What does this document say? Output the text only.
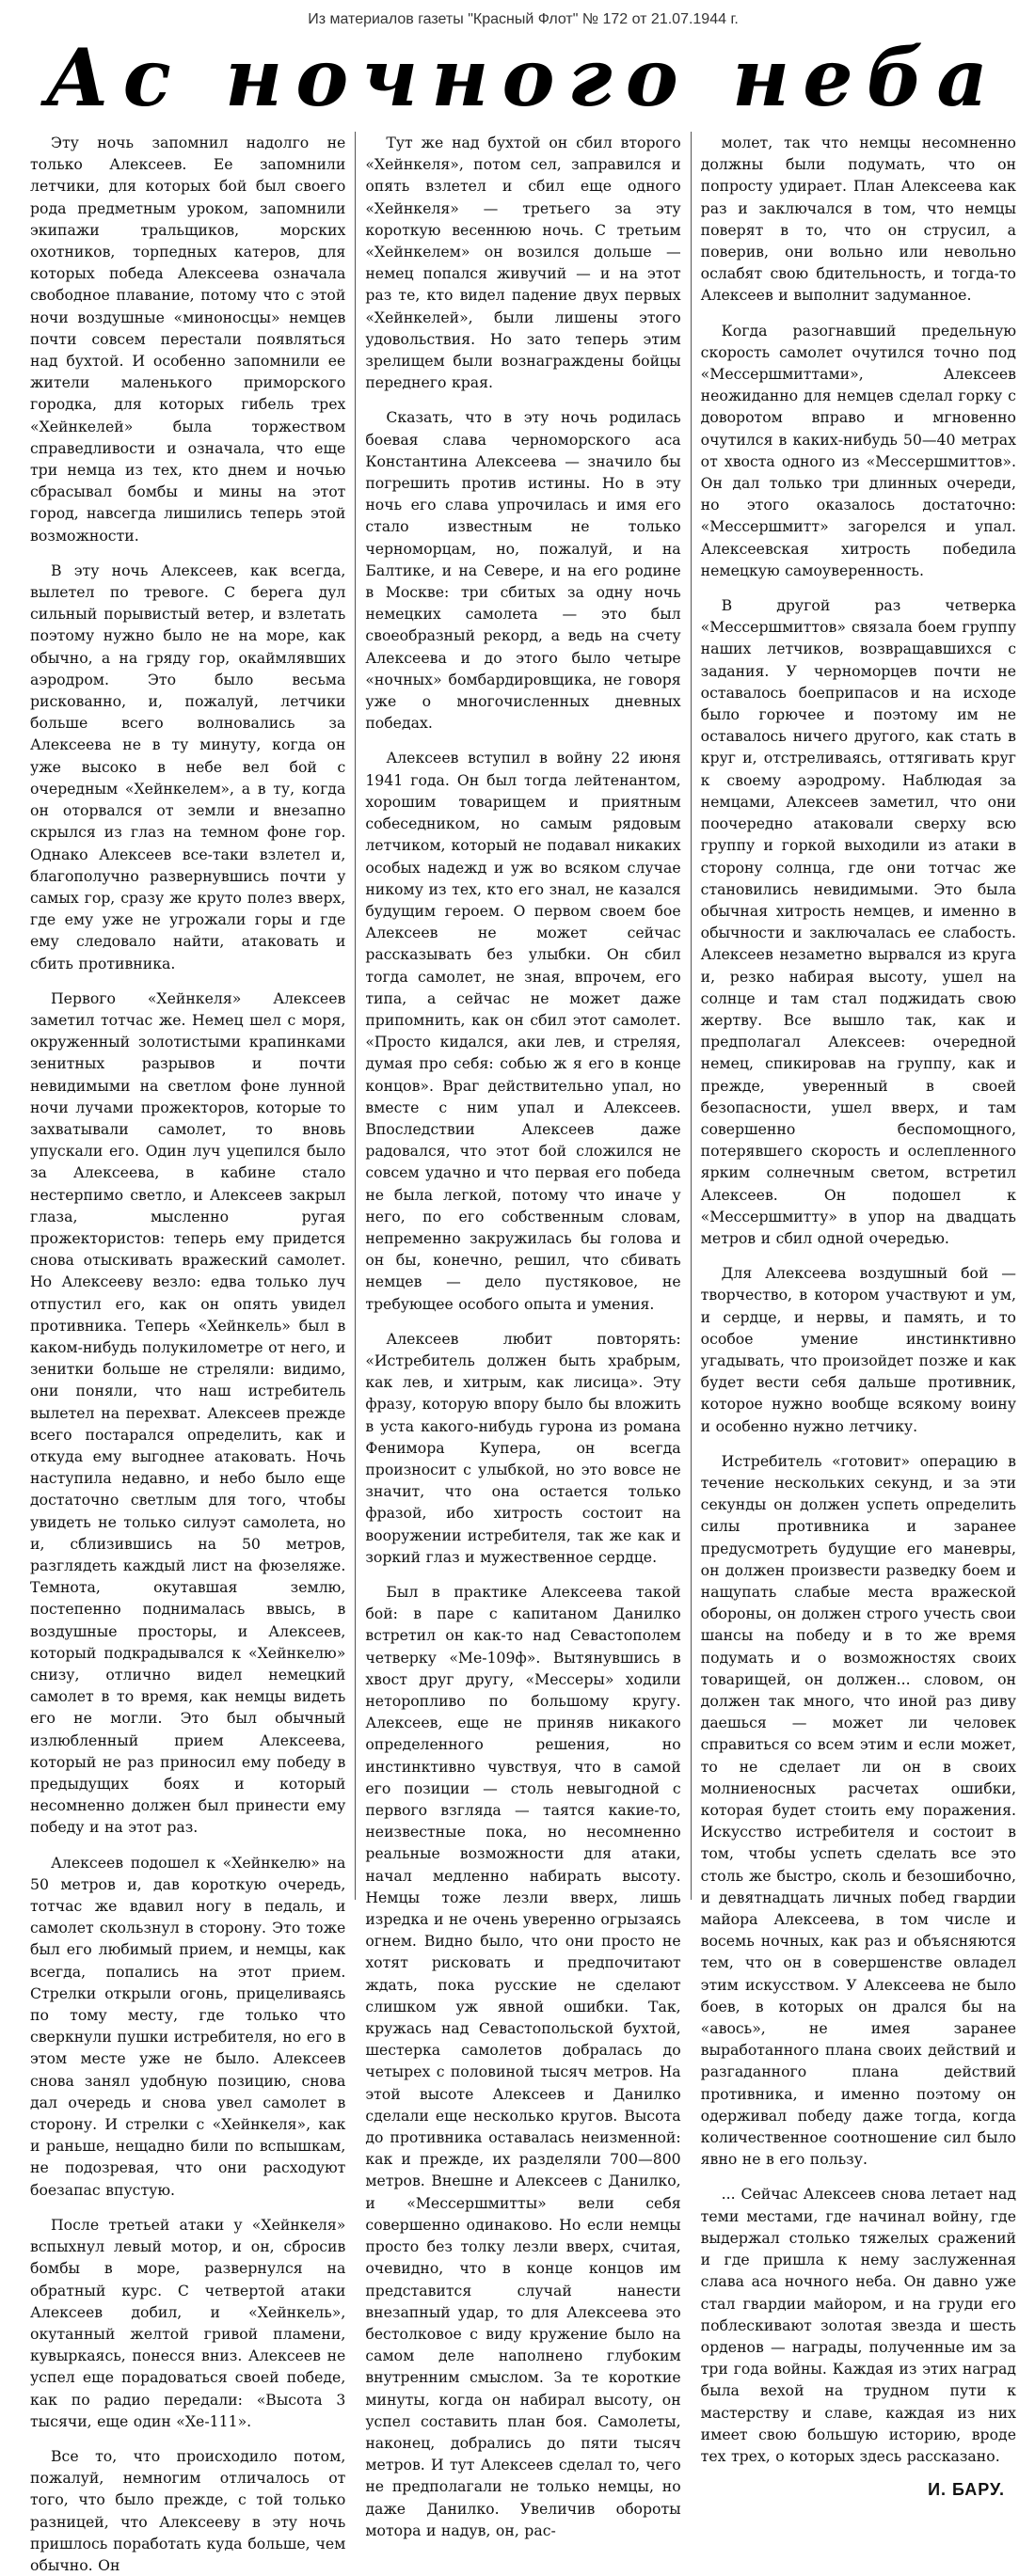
Из материалов газеты "Красный Флот" № 172 от 21.07.1944 г.
Ас ночного неба

Эту ночь запомнил надолго не только Алексеев. Ее запомнили летчики, для которых бой был своего рода предметным уроком, запомнили экипажи тральщиков, морских охотников, торпедных катеров, для которых победа Алексеева означала свободное плавание, потому что с этой ночи воздушные «миноносцы» немцев почти совсем перестали появляться над бухтой. И особенно запомнили ее жители маленького приморского городка, для которых гибель трех «Хейнкелей» была торжеством справедливости и означала, что еще три немца из тех, кто днем и ночью сбрасывал бомбы и мины на этот город, навсегда лишились теперь этой возможности.

В эту ночь Алексеев, как всегда, вылетел по тревоге. С берега дул сильный порывистый ветер, и взлетать поэтому нужно было не на море, как обычно, а на гряду гор, окаймлявших аэродром. Это было весьма рискованно, и, пожалуй, летчики больше всего волновались за Алексеева не в ту минуту, когда он уже высоко в небе вел бой с очередным «Хейнкелем», а в ту, когда он оторвался от земли и внезапно скрылся из глаз на темном фоне гор. Однако Алексеев все-таки взлетел и, благополучно развернувшись почти у самых гор, сразу же круто полез вверх, где ему уже не угрожали горы и где ему следовало найти, атаковать и сбить противника.

Первого «Хейнкеля» Алексеев заметил тотчас же. Немец шел с моря, окруженный золотистыми крапинками зенитных разрывов и почти невидимыми на светлом фоне лунной ночи лучами прожекторов, которые то захватывали самолет, то вновь упускали его. Один луч уцепился было за Алексеева, в кабине стало нестерпимо светло, и Алексеев закрыл глаза, мысленно ругая прожектористов: теперь ему придется снова отыскивать вражеский самолет. Но Алексееву везло: едва только луч отпустил его, как он опять увидел противника. Теперь «Хейнкель» был в каком-нибудь полукилометре от него, и зенитки больше не стреляли: видимо, они поняли, что наш истребитель вылетел на перехват. Алексеев прежде всего постарался определить, как и откуда ему выгоднее атаковать. Ночь наступила недавно, и небо было еще достаточно светлым для того, чтобы увидеть не только силуэт самолета, но и, сблизившись на 50 метров, разглядеть каждый лист на фюзеляже. Темнота, окутавшая землю, постепенно поднималась ввысь, в воздушные просторы, и Алексеев, который подкрадывался к «Хейнкелю» снизу, отлично видел немецкий самолет в то время, как немцы видеть его не могли. Это был обычный излюбленный прием Алексеева, который не раз приносил ему победу в предыдущих боях и который несомненно должен был принести ему победу и на этот раз.

Алексеев подошел к «Хейнкелю» на 50 метров и, дав короткую очередь, тотчас же вдавил ногу в педаль, и самолет скользнул в сторону. Это тоже был его любимый прием, и немцы, как всегда, попались на этот прием. Стрелки открыли огонь, прицеливаясь по тому месту, где только что сверкнули пушки истребителя, но его в этом месте уже не было. Алексеев снова занял удобную позицию, снова дал очередь и снова увел самолет в сторону. И стрелки с «Хейнкеля», как и раньше, нещадно били по вспышкам, не подозревая, что они расходуют боезапас впустую.

После третьей атаки у «Хейнкеля» вспыхнул левый мотор, и он, сбросив бомбы в море, развернулся на обратный курс. С четвертой атаки Алексеев добил, и «Хейнкель», окутанный желтой гривой пламени, кувыркаясь, понесся вниз. Алексеев не успел еще порадоваться своей победе, как по радио передали: «Высота 3 тысячи, еще один «Хе-111».

Все то, что происходило потом, пожалуй, немногим отличалось от того, что было прежде, с той только разницей, что Алексееву в эту ночь пришлось поработать куда больше, чем обычно. Он

Тут же над бухтой он сбил второго «Хейнкеля», потом сел, заправился и опять взлетел и сбил еще одного «Хейнкеля» — третьего за эту короткую весеннюю ночь. С третьим «Хейнкелем» он возился дольше — немец попался живучий — и на этот раз те, кто видел падение двух первых «Хейнкелей», были лишены этого удовольствия. Но зато теперь этим зрелищем были вознаграждены бойцы переднего края.

Сказать, что в эту ночь родилась боевая слава черноморского аса Константина Алексеева — значило бы погрешить против истины. Но в эту ночь его слава упрочилась и имя его стало известным не только черноморцам, но, пожалуй, и на Балтике, и на Севере, и на его родине в Москве: три сбитых за одну ночь немецких самолета — это был своеобразный рекорд, а ведь на счету Алексеева и до этого было четыре «ночных» бомбардировщика, не говоря уже о многочисленных дневных победах.

Алексеев вступил в войну 22 июня 1941 года. Он был тогда лейтенантом, хорошим товарищем и приятным собеседником, но самым рядовым летчиком, который не подавал никаких особых надежд и уж во всяком случае никому из тех, кто его знал, не казался будущим героем. О первом своем бое Алексеев не может сейчас рассказывать без улыбки. Он сбил тогда самолет, не зная, впрочем, его типа, а сейчас не может даже припомнить, как он сбил этот самолет. «Просто кидался, аки лев, и стреляя, думая про себя: собью ж я его в конце концов». Враг действительно упал, но вместе с ним упал и Алексеев. Впоследствии Алексеев даже радовался, что этот бой сложился не совсем удачно и что первая его победа не была легкой, потому что иначе у него, по его собственным словам, непременно закружилась бы голова и он бы, конечно, решил, что сбивать немцев — дело пустяковое, не требующее особого опыта и умения.

Алексеев любит повторять: «Истребитель должен быть храбрым, как лев, и хитрым, как лисица». Эту фразу, которую впору было бы вложить в уста какого-нибудь гурона из романа Фенимора Купера, он всегда произносит с улыбкой, но это вовсе не значит, что она остается только фразой, ибо хитрость состоит на вооружении истребителя, так же как и зоркий глаз и мужественное сердце.

Был в практике Алексеева такой бой: в паре с капитаном Данилко встретил он как-то над Севастополем четверку «Ме-109ф». Вытянувшись в хвост друг другу, «Мессеры» ходили неторопливо по большому кругу. Алексеев, еще не приняв никакого определенного решения, но инстинктивно чувствуя, что в самой его позиции — столь невыгодной с первого взгляда — таятся какие-то, неизвестные пока, но несомненно реальные возможности для атаки, начал медленно набирать высоту. Немцы тоже лезли вверх, лишь изредка и не очень уверенно огрызаясь огнем. Видно было, что они просто не хотят рисковать и предпочитают ждать, пока русские не сделают слишком уж явной ошибки. Так, кружась над Севастопольской бухтой, шестерка самолетов добралась до четырех с половиной тысяч метров. На этой высоте Алексеев и Данилко сделали еще несколько кругов. Высота до противника оставалась неизменной: как и прежде, их разделяли 700—800 метров. Внешне и Алексеев с Данилко, и «Мессершмитты» вели себя совершенно одинаково. Но если немцы просто без толку лезли вверх, считая, очевидно, что в конце концов им представится случай нанести внезапный удар, то для Алексеева это бестолковое с виду кружение было на самом деле наполнено глубоким внутренним смыслом. За те короткие минуты, когда он набирал высоту, он успел составить план боя. Самолеты, наконец, добрались до пяти тысяч метров. И тут Алексеев сделал то, чего не предполагали не только немцы, но даже Данилко. Увеличив обороты мотора и надув, он, рас-

молет, так что немцы несомненно должны были подумать, что он попросту удирает. План Алексеева как раз и заключался в том, что немцы поверят в то, что он струсил, а поверив, они вольно или невольно ослабят свою бдительность, и тогда-то Алексеев и выполнит задуманное.

Когда разогнавший предельную скорость самолет очутился точно под «Мессершмиттами», Алексеев неожиданно для немцев сделал горку с доворотом вправо и мгновенно очутился в каких-нибудь 50—40 метрах от хвоста одного из «Мессершмиттов». Он дал только три длинных очереди, но этого оказалось достаточно: «Мессершмитт» загорелся и упал. Алексеевская хитрость победила немецкую самоуверенность.

В другой раз четверка «Мессершмиттов» связала боем группу наших летчиков, возвращавшихся с задания. У черноморцев почти не оставалось боеприпасов и на исходе было горючее и поэтому им не оставалось ничего другого, как стать в круг и, отстреливаясь, оттягивать круг к своему аэродрому. Наблюдая за немцами, Алексеев заметил, что они поочередно атаковали сверху всю группу и горкой выходили из атаки в сторону солнца, где они тотчас же становились невидимыми. Это была обычная хитрость немцев, и именно в обычности и заключалась ее слабость. Алексеев незаметно вырвался из круга и, резко набирая высоту, ушел на солнце и там стал поджидать свою жертву. Все вышло так, как и предполагал Алексеев: очередной немец, спикировав на группу, как и прежде, уверенный в своей безопасности, ушел вверх, и там совершенно беспомощного, потерявшего скорость и ослепленного ярким солнечным светом, встретил Алексеев. Он подошел к «Мессершмитту» в упор на двадцать метров и сбил одной очередью.

Для Алексеева воздушный бой — творчество, в котором участвуют и ум, и сердце, и нервы, и память, и то особое умение инстинктивно угадывать, что произойдет позже и как будет вести себя дальше противник, которое нужно вообще всякому воину и особенно нужно летчику.

Истребитель «готовит» операцию в течение нескольких секунд, и за эти секунды он должен успеть определить силы противника и заранее предусмотреть будущие его маневры, он должен произвести разведку боем и нащупать слабые места вражеской обороны, он должен строго учесть свои шансы на победу и в то же время подумать и о возможностях своих товарищей, он должен... словом, он должен так много, что иной раз диву даешься — может ли человек справиться со всем этим и если может, то не сделает ли он в своих молниеносных расчетах ошибки, которая будет стоить ему поражения. Искусство истребителя и состоит в том, чтобы успеть сделать все это столь же быстро, сколь и безошибочно, и девятнадцать личных побед гвардии майора Алексеева, в том числе и восемь ночных, как раз и объясняются тем, что он в совершенстве овладел этим искусством. У Алексеева не было боев, в которых он дрался бы на «авось», не имея заранее выработанного плана своих действий и разгаданного плана действий противника, и именно поэтому он одерживал победу даже тогда, когда количественное соотношение сил было явно не в его пользу.

... Сейчас Алексеев снова летает над теми местами, где начинал войну, где выдержал столько тяжелых сражений и где пришла к нему заслуженная слава аса ночного неба. Он давно уже стал гвардии майором, и на груди его поблескивают золотая звезда и шесть орденов — награды, полученные им за три года войны. Каждая из этих наград была вехой на трудном пути к мастерству и славе, каждая из них имеет свою большую историю, вроде тех трех, о которых здесь рассказано.

И. БАРУ.
